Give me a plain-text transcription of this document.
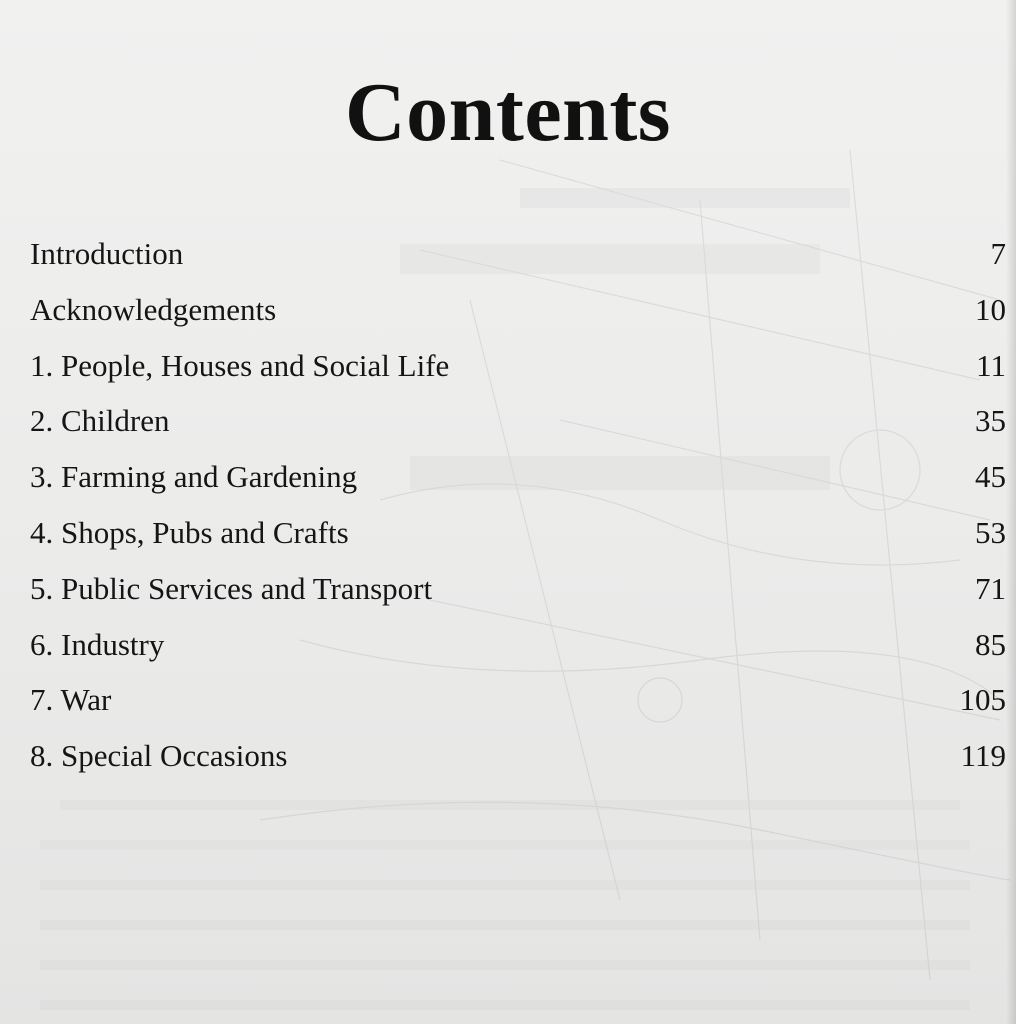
Contents
Introduction	7
Acknowledgements	10
1. People, Houses and Social Life	11
2. Children	35
3. Farming and Gardening	45
4. Shops, Pubs and Crafts	53
5. Public Services and Transport	71
6. Industry	85
7. War	105
8. Special Occasions	119
